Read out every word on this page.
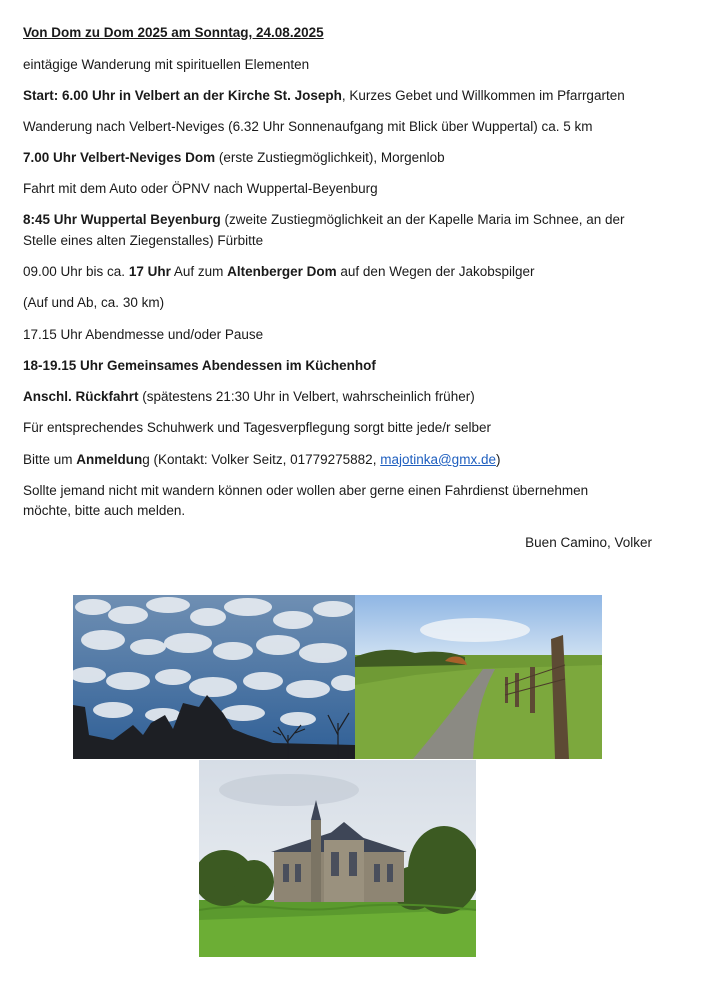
Von Dom zu Dom 2025 am Sonntag, 24.08.2025
eintägige Wanderung mit spirituellen Elementen
Start: 6.00 Uhr in Velbert an der Kirche St. Joseph, Kurzes Gebet und Willkommen im Pfarrgarten
Wanderung nach Velbert-Neviges (6.32 Uhr Sonnenaufgang mit Blick über Wuppertal) ca. 5 km
7.00 Uhr Velbert-Neviges Dom (erste Zustiegmöglichkeit), Morgenlob
Fahrt mit dem Auto oder ÖPNV nach Wuppertal-Beyenburg
8:45 Uhr Wuppertal Beyenburg (zweite Zustiegmöglichkeit an der Kapelle Maria im Schnee, an der
Stelle eines alten Ziegenstalles) Fürbitte
09.00 Uhr bis ca. 17 Uhr Auf zum Altenberger Dom auf den Wegen der Jakobspilger
(Auf und Ab, ca. 30 km)
17.15 Uhr Abendmesse und/oder Pause
18-19.15 Uhr Gemeinsames Abendessen im Küchenhof
Anschl. Rückfahrt (spätestens 21:30 Uhr in Velbert, wahrscheinlich früher)
Für entsprechendes Schuhwerk und Tagesverpflegung sorgt bitte jede/r selber
Bitte um Anmeldung (Kontakt: Volker Seitz, 01779275882, majotinka@gmx.de)
Sollte jemand nicht mit wandern können oder wollen aber gerne einen Fahrdienst übernehmen
möchte, bitte auch melden.
Buen Camino, Volker
